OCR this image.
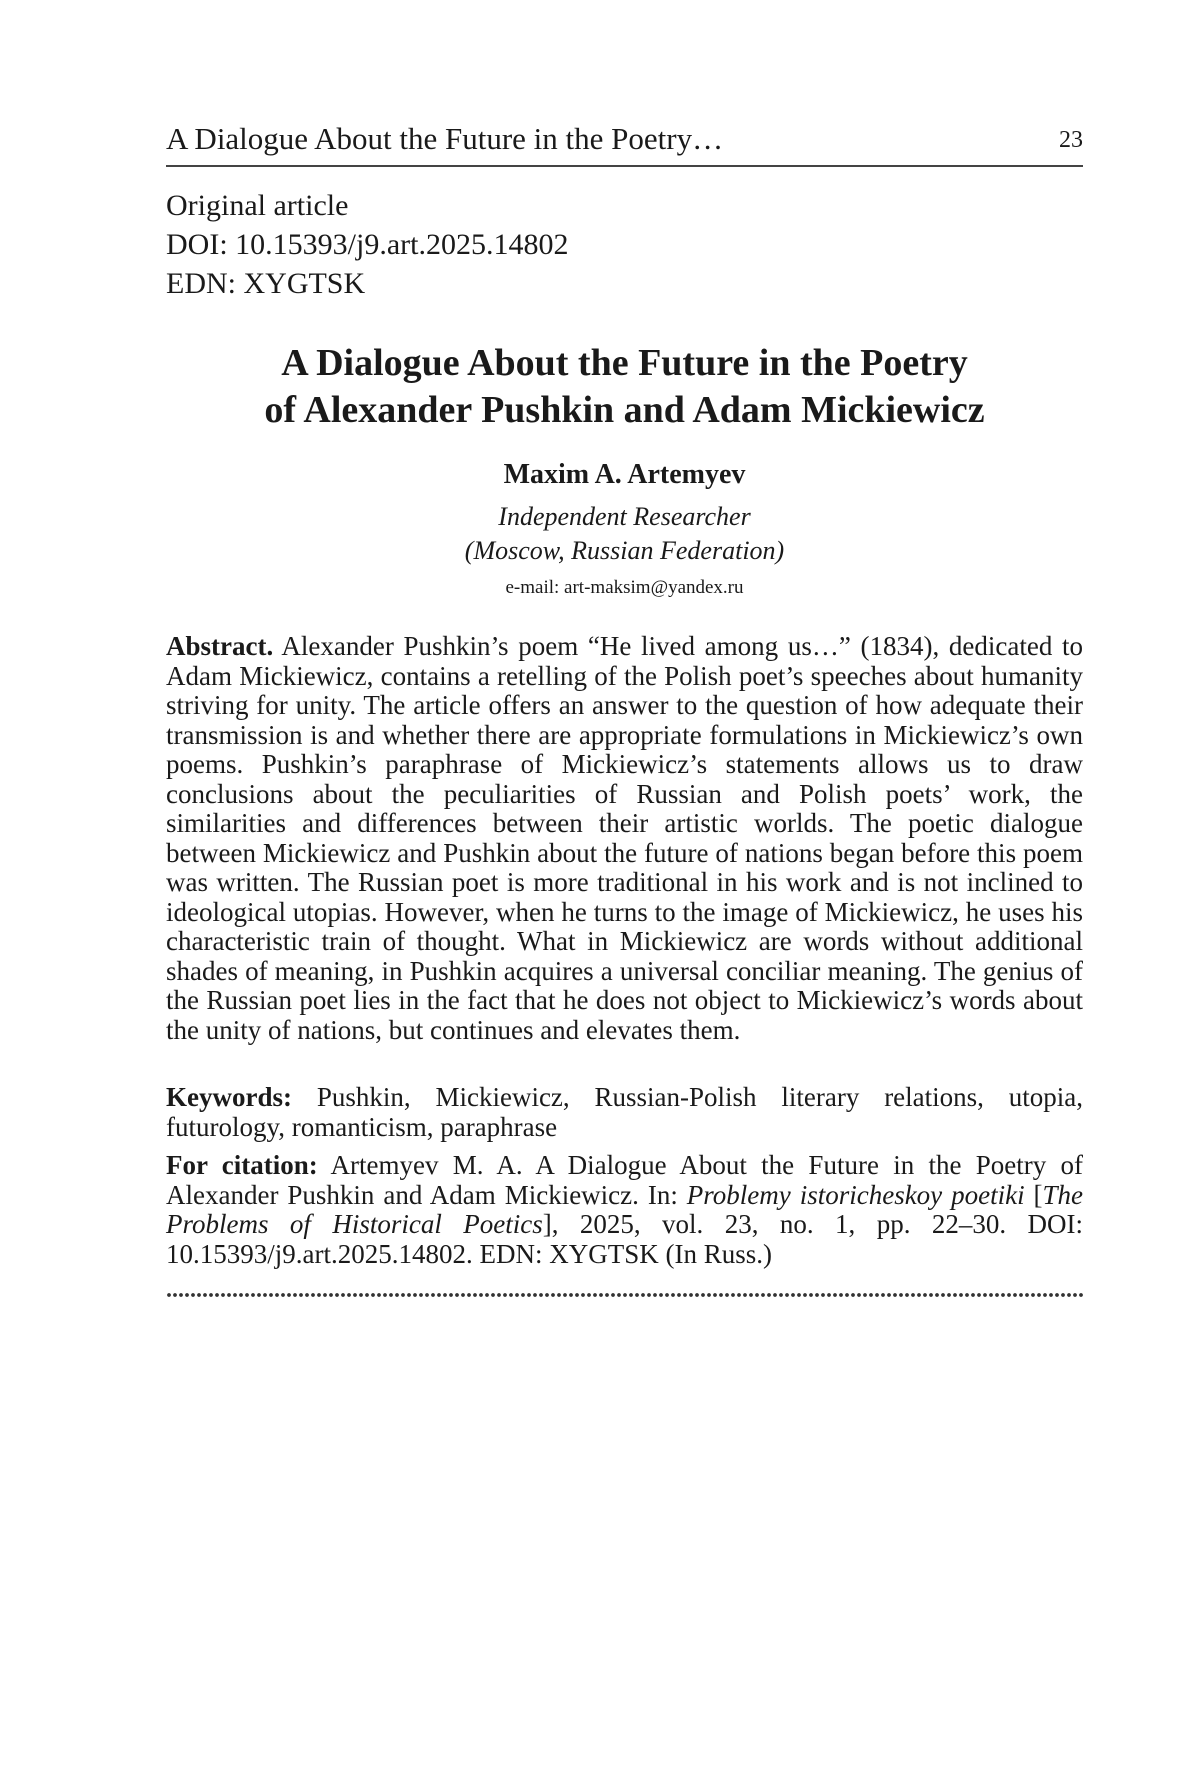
A Dialogue About the Future in the Poetry…	23
Original article
DOI: 10.15393/j9.art.2025.14802
EDN: XYGTSK
A Dialogue About the Future in the Poetry
of Alexander Pushkin and Adam Mickiewicz
Maxim A. Artemyev
Independent Researcher
(Moscow, Russian Federation)
e-mail: art-maksim@yandex.ru

Abstract. Alexander Pushkin’s poem “He lived among us…” (1834), dedicated to Adam Mickiewicz, contains a retelling of the Polish poet’s speeches about humanity striving for unity. The article offers an answer to the question of how adequate their transmission is and whether there are appropriate formulations in Mickiewicz’s own poems. Pushkin’s paraphrase of Mickiewicz’s statements allows us to draw conclusions about the peculiarities of Russian and Polish poets’ work, the similarities and differences between their artistic worlds. The poetic dialogue between Mickiewicz and Pushkin about the future of nations began before this poem was written. The Russian poet is more traditional in his work and is not inclined to ideological utopias. However, when he turns to the image of Mickiewicz, he uses his characteristic train of thought. What in Mickiewicz are words without additional shades of meaning, in Pushkin acquires a universal conciliar meaning. The genius of the Russian poet lies in the fact that he does not object to Mickiewicz’s words about the unity of nations, but continues and elevates them.

Keywords: Pushkin, Mickiewicz, Russian-Polish literary relations, utopia, futurology, romanticism, paraphrase

For citation: Artemyev M. A. A Dialogue About the Future in the Poetry of Alexander Pushkin and Adam Mickiewicz. In: Problemy istoricheskoy poetiki [The Problems of Historical Poetics], 2025, vol. 23, no. 1, pp. 22–30. DOI: 10.15393/j9.art.2025.14802. EDN: XYGTSK (In Russ.)
